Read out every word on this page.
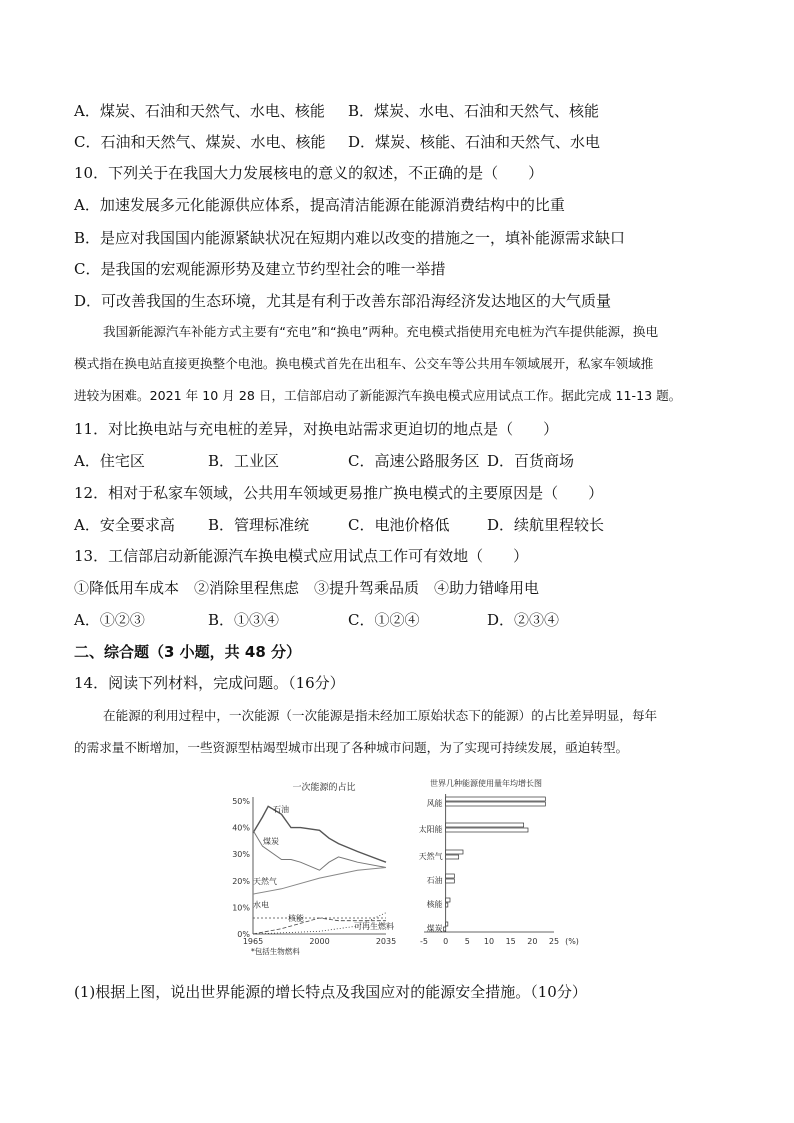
A．煤炭、石油和天然气、水电、核能 B．煤炭、水电、石油和天然气、核能
C．石油和天然气、煤炭、水电、核能 D．煤炭、核能、石油和天然气、水电
10．下列关于在我国大力发展核电的意义的叙述，不正确的是（　　）
A．加速发展多元化能源供应体系，提高清洁能源在能源消费结构中的比重
B．是应对我国国内能源紧缺状况在短期内难以改变的措施之一，填补能源需求缺口
C．是我国的宏观能源形势及建立节约型社会的唯一举措
D．可改善我国的生态环境，尤其是有利于改善东部沿海经济发达地区的大气质量
我国新能源汽车补能方式主要有“充电”和“换电”两种。充电模式指使用充电桩为汽车提供能源，换电
模式指在换电站直接更换整个电池。换电模式首先在出租车、公交车等公共用车领域展开，私家车领域推
进较为困难。2021 年 10 月 28 日，工信部启动了新能源汽车换电模式应用试点工作。据此完成 11-13 题。
11．对比换电站与充电桩的差异，对换电站需求更迫切的地点是（　　）
A．住宅区	B．工业区	C．高速公路服务区 D．百货商场
12．相对于私家车领域，公共用车领域更易推广换电模式的主要原因是（　　）
A．安全要求高 B．管理标准统	C．电池价格低	D．续航里程较长
13．工信部启动新能源汽车换电模式应用试点工作可有效地（　　）
①降低用车成本　②消除里程焦虑　③提升驾乘品质　④助力错峰用电
A．①②③	B．①③④	C．①②④	D．②③④
二、综合题（3 小题，共 48 分）
14．阅读下列材料，完成问题。（16分）
在能源的利用过程中，一次能源（一次能源是指未经加工原始状态下的能源）的占比差异明显，每年
的需求量不断增加，一些资源型枯竭型城市出现了各种城市问题，为了实现可持续发展，亟迫转型。
一次能源的占比
50%
40%
30%
20%
10%
0%
1965	2000	2035
石油
煤炭
天然气
水电
核能
可再生燃料
*包括生物燃料
世界几种能源使用量年均增长图
-5 0 5 10 15 20 25 (%)
风能
太阳能
天然气
石油
核能
煤炭
(1)根据上图，说出世界能源的增长特点及我国应对的能源安全措施。（10分）
